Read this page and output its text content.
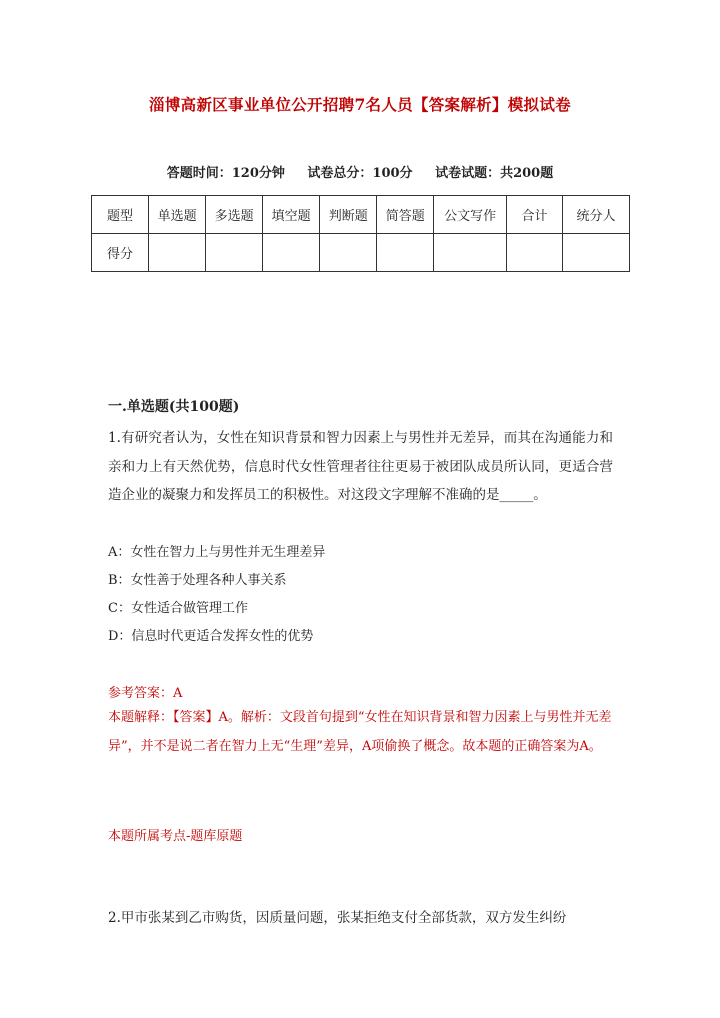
淄博高新区事业单位公开招聘7名人员【答案解析】模拟试卷
答题时间：120分钟 试卷总分：100分 试卷试题：共200题
题型	单选题	多选题	填空题	判断题	简答题	公文写作	合计	统分人
得分								
一.单选题(共100题)
1.有研究者认为，女性在知识背景和智力因素上与男性并无差异，而其在沟通能力和亲和力上有天然优势，信息时代女性管理者往往更易于被团队成员所认同，更适合营造企业的凝聚力和发挥员工的积极性。对这段文字理解不准确的是_____。
A：女性在智力上与男性并无生理差异
B：女性善于处理各种人事关系
C：女性适合做管理工作
D：信息时代更适合发挥女性的优势
参考答案：A
本题解释：【答案】A。解析：文段首句提到“女性在知识背景和智力因素上与男性并无差异”，并不是说二者在智力上无“生理”差异，A项偷换了概念。故本题的正确答案为A。
本题所属考点-题库原题
2.甲市张某到乙市购货，因质量问题，张某拒绝支付全部货款，双方发生纠纷
